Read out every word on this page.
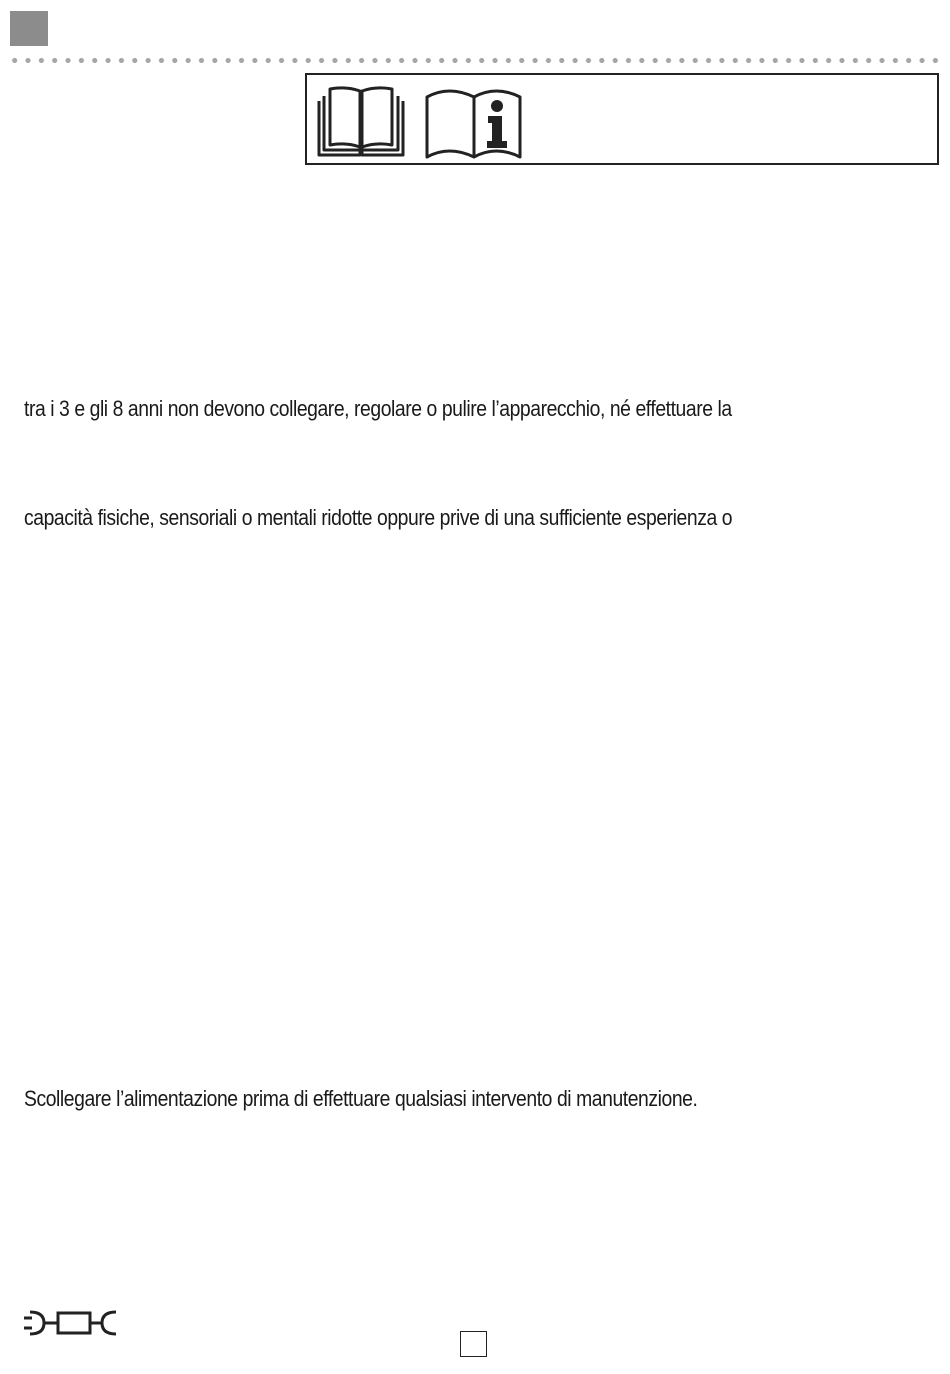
tra i 3 e gli 8 anni non devono collegare, regolare o pulire l’apparecchio, né effettuare la
capacità fisiche, sensoriali o mentali ridotte oppure prive di una sufficiente esperienza o
Scollegare l’alimentazione prima di effettuare qualsiasi intervento di manutenzione.
